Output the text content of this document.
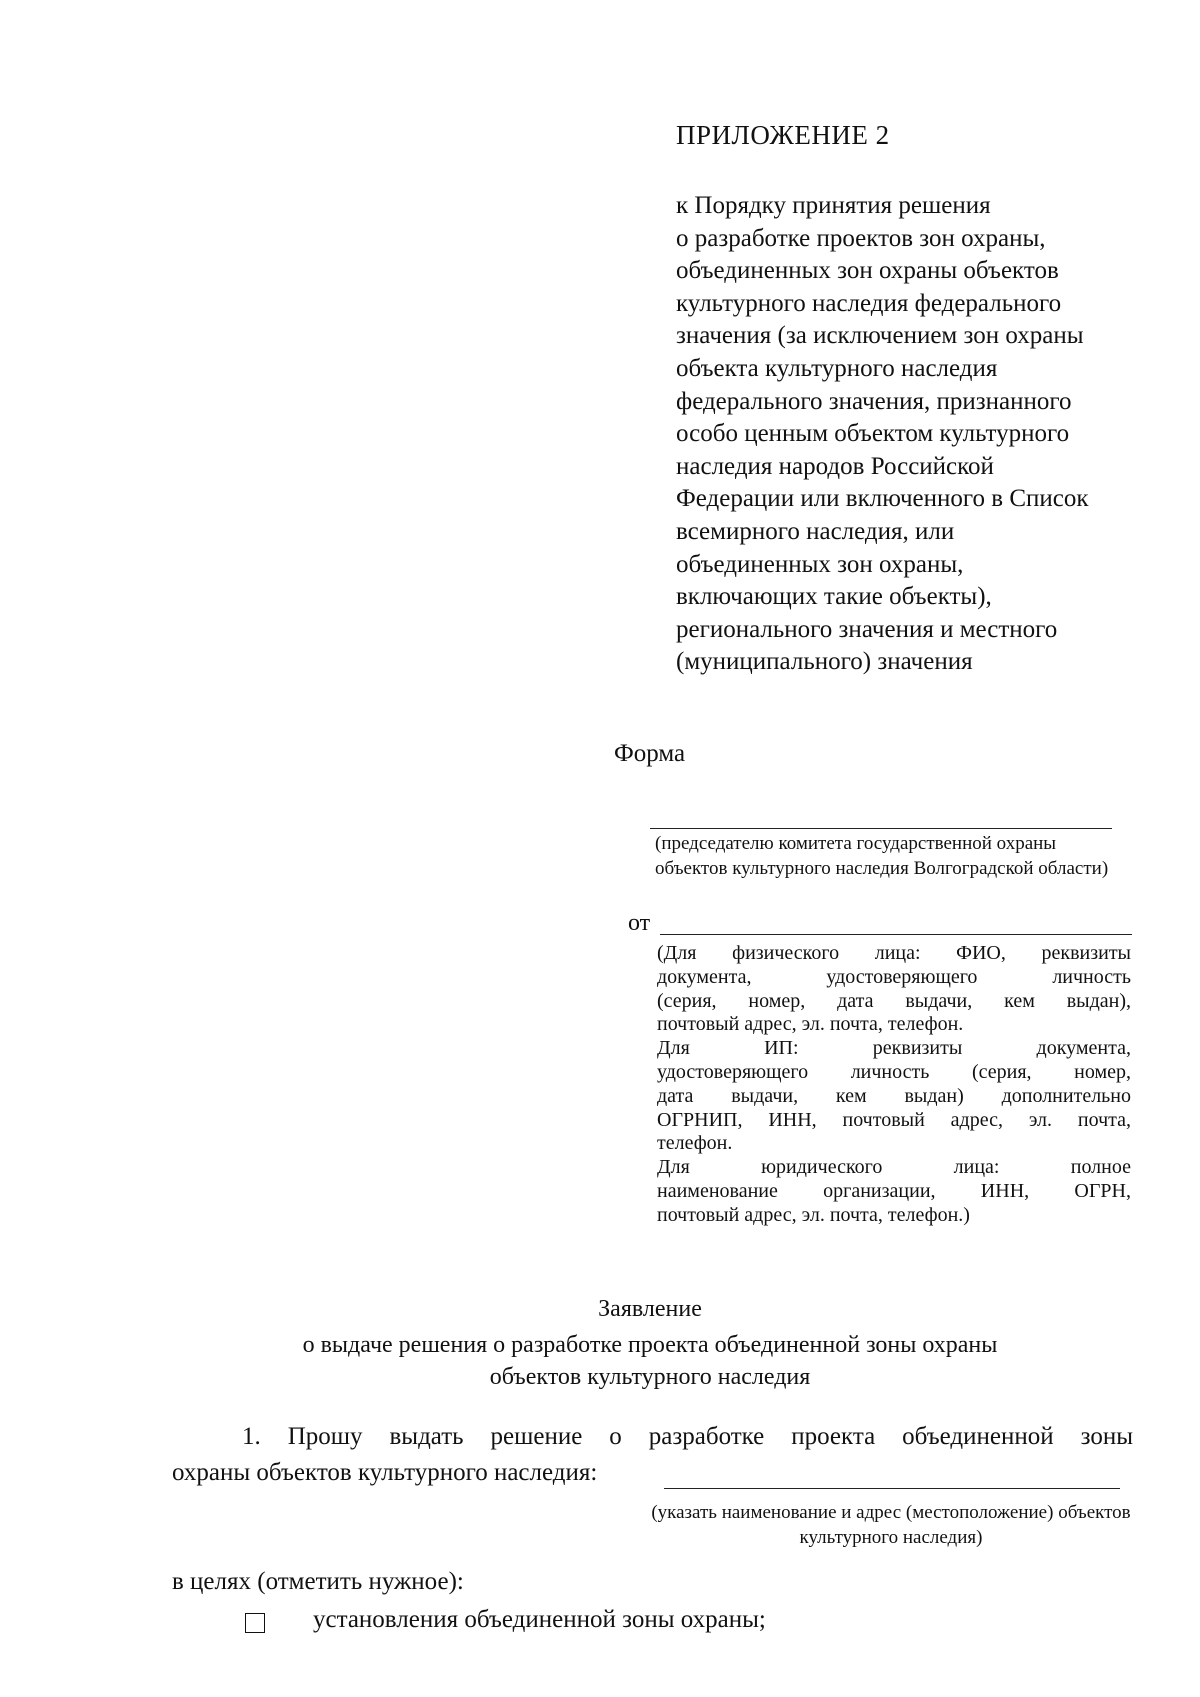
ПРИЛОЖЕНИЕ 2
к Порядку принятия решения
о разработке проектов зон охраны,
объединенных зон охраны объектов
культурного наследия федерального
значения (за исключением зон охраны
объекта культурного наследия
федерального значения, признанного
особо ценным объектом культурного
наследия народов Российской
Федерации или включенного в Список
всемирного наследия, или
объединенных зон охраны,
включающих такие объекты),
регионального значения и местного
(муниципального) значения
Форма
(председателю комитета государственной охраны объектов культурного наследия Волгоградской области)
от
(Для физического лица: ФИО, реквизиты
документа, удостоверяющего личность
(серия, номер, дата выдачи, кем выдан),
почтовый адрес, эл. почта, телефон.
Для ИП: реквизиты документа,
удостоверяющего личность (серия, номер,
дата выдачи, кем выдан) дополнительно
ОГРНИП, ИНН, почтовый адрес, эл. почта,
телефон.
Для юридического лица: полное
наименование организации, ИНН, ОГРН,
почтовый адрес, эл. почта, телефон.)
Заявление
о выдаче решения о разработке проекта объединенной зоны охраны
объектов культурного наследия
1. Прошу выдать решение о разработке проекта объединенной зоны
охраны объектов культурного наследия:
(указать наименование и адрес (местоположение) объектов культурного наследия)
в целях (отметить нужное):
установления объединенной зоны охраны;
